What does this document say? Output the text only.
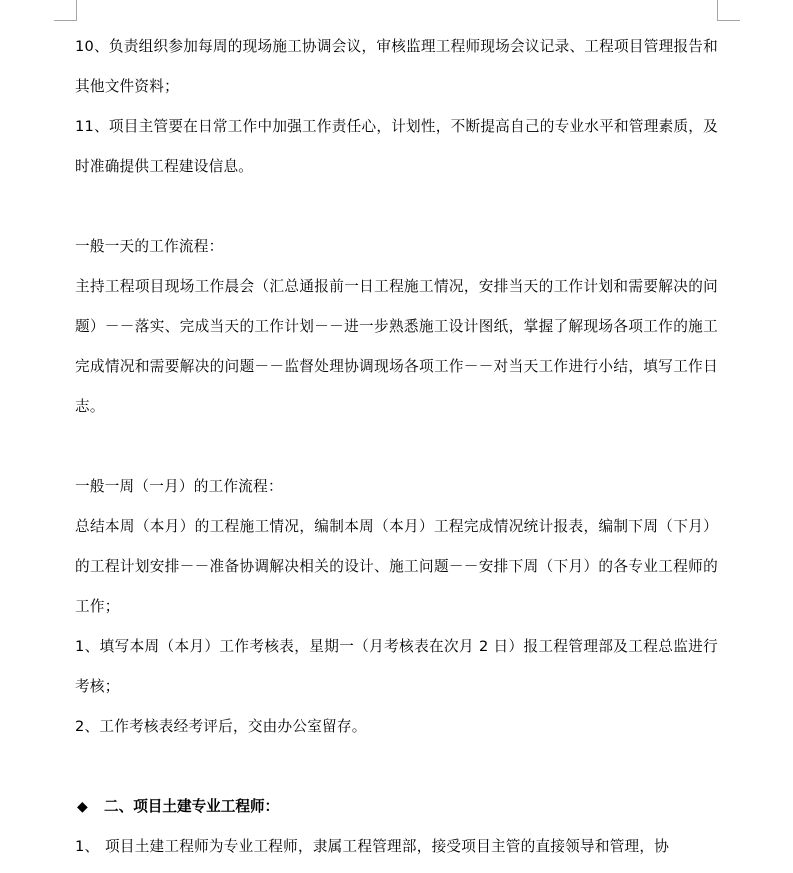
10、负责组织参加每周的现场施工协调会议，审核监理工程师现场会议记录、工程项目管理报告和其他文件资料；

11、项目主管要在日常工作中加强工作责任心，计划性，不断提高自己的专业水平和管理素质，及时准确提供工程建设信息。

一般一天的工作流程：

主持工程项目现场工作晨会（汇总通报前一日工程施工情况，安排当天的工作计划和需要解决的问题）－－落实、完成当天的工作计划－－进一步熟悉施工设计图纸，掌握了解现场各项工作的施工完成情况和需要解决的问题－－监督处理协调现场各项工作－－对当天工作进行小结，填写工作日志。

一般一周（一月）的工作流程：

总结本周（本月）的工程施工情况，编制本周（本月）工程完成情况统计报表，编制下周（下月）的工程计划安排－－准备协调解决相关的设计、施工问题－－安排下周（下月）的各专业工程师的工作；

1、填写本周（本月）工作考核表，星期一（月考核表在次月 2 日）报工程管理部及工程总监进行考核；

2、工作考核表经考评后，交由办公室留存。

◆	二、项目土建专业工程师：

1、 项目土建工程师为专业工程师，隶属工程管理部，接受项目主管的直接领导和管理，协
